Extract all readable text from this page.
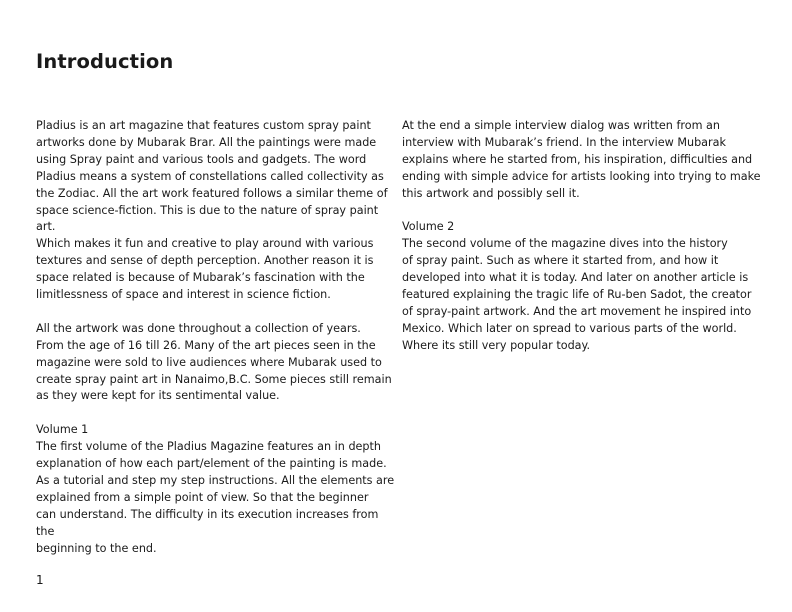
Introduction

Pladius is an art magazine that features custom spray paint
artworks done by Mubarak Brar. All the paintings were made
using Spray paint and various tools and gadgets. The word
Pladius means a system of constellations called collectivity as
the Zodiac. All the art work featured follows a similar theme of
space science-fiction. This is due to the nature of spray paint art.
Which makes it fun and creative to play around with various
textures and sense of depth perception. Another reason it is
space related is because of Mubarak’s fascination with the
limitlessness of space and interest in science fiction.

All the artwork was done throughout a collection of years.
From the age of 16 till 26. Many of the art pieces seen in the
magazine were sold to live audiences where Mubarak used to
create spray paint art in Nanaimo,B.C. Some pieces still remain
as they were kept for its sentimental value.

Volume 1

The first volume of the Pladius Magazine features an in depth
explanation of how each part/element of the painting is made.
As a tutorial and step my step instructions. All the elements are
explained from a simple point of view. So that the beginner
can understand. The difficulty in its execution increases from the
beginning to the end.

At the end a simple interview dialog was written from an
interview with Mubarak’s friend. In the interview Mubarak
explains where he started from, his inspiration, difficulties and
ending with simple advice for artists looking into trying to make
this artwork and possibly sell it.

Volume 2

The second volume of the magazine dives into the history
of spray paint. Such as where it started from, and how it
developed into what it is today. And later on another article is
featured explaining the tragic life of Ru-ben Sadot, the creator
of spray-paint artwork. And the art movement he inspired into
Mexico. Which later on spread to various parts of the world.
Where its still very popular today.

1
